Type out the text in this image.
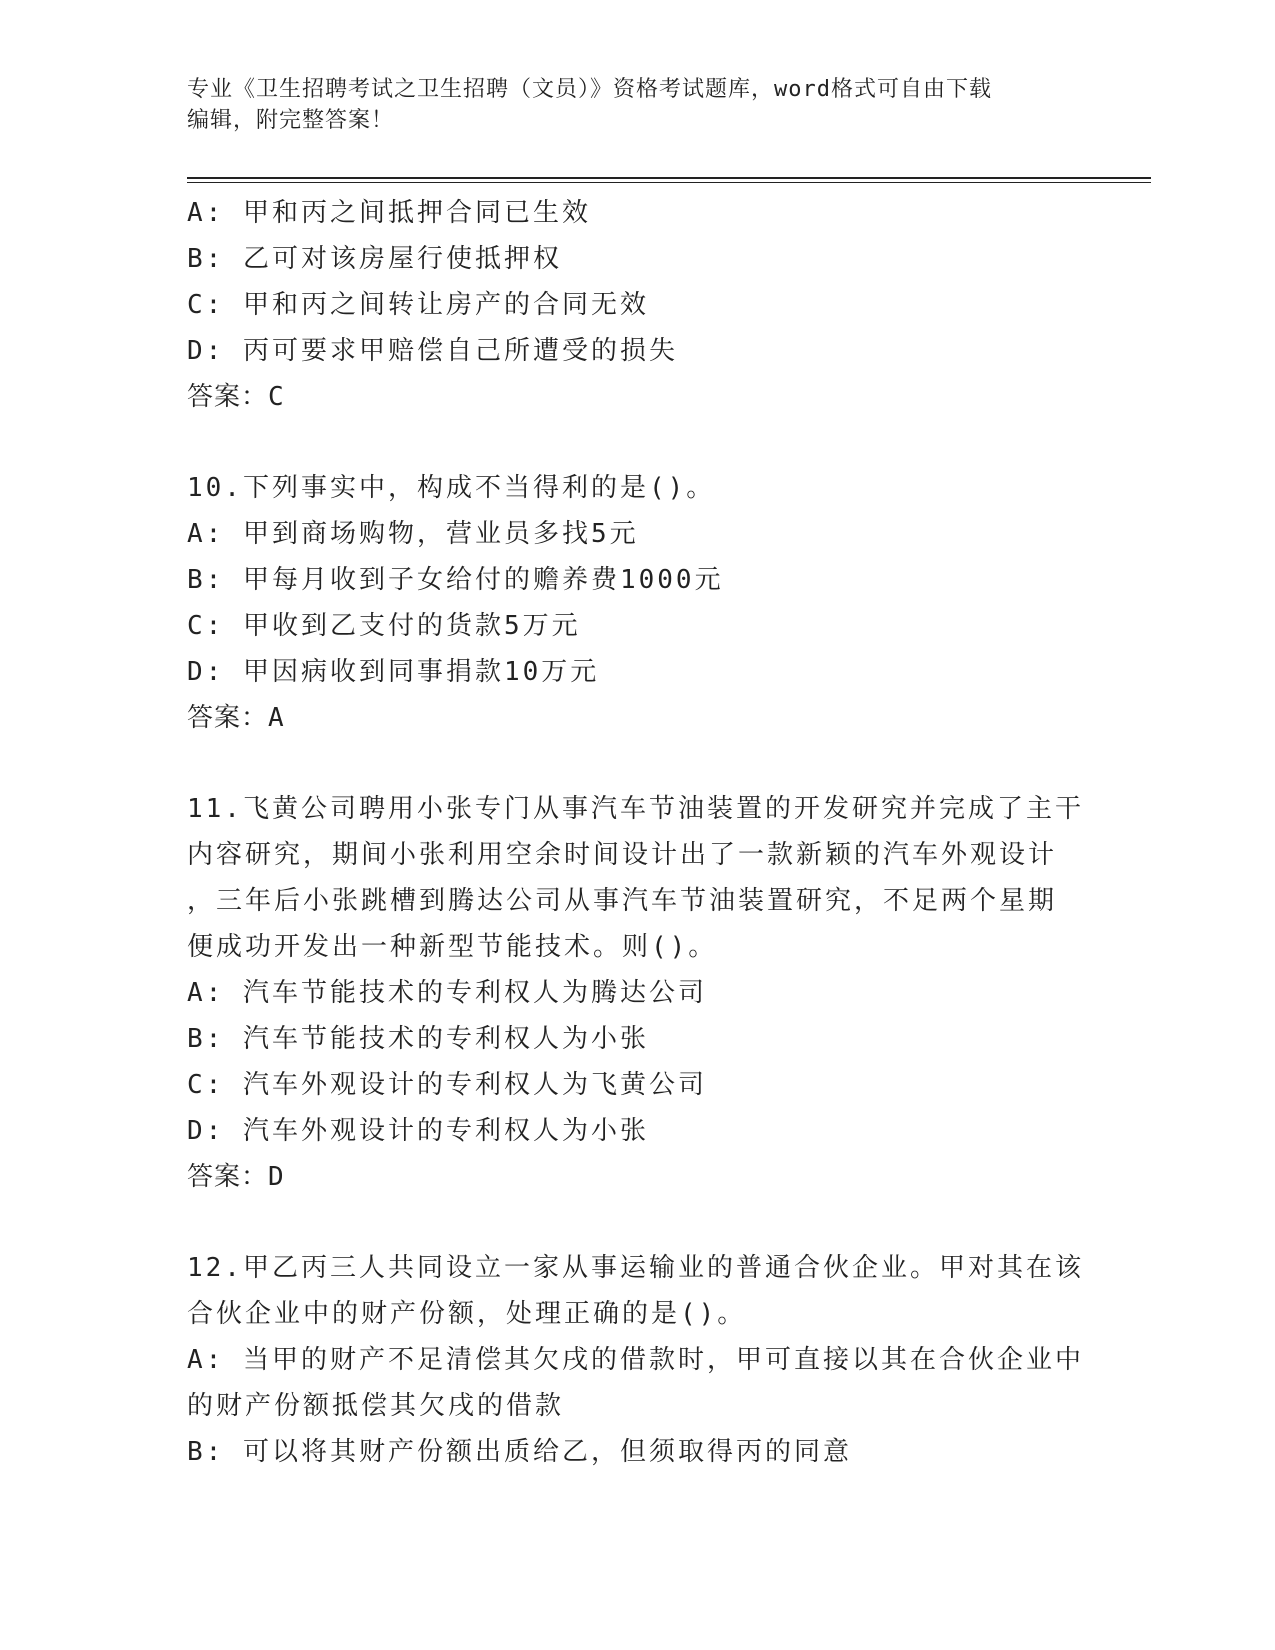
专业《卫生招聘考试之卫生招聘（文员）》资格考试题库，word格式可自由下载
编辑，附完整答案！
A: 甲和丙之间抵押合同已生效
B: 乙可对该房屋行使抵押权
C: 甲和丙之间转让房产的合同无效
D: 丙可要求甲赔偿自己所遭受的损失
答案：C
10.下列事实中，构成不当得利的是()。
A: 甲到商场购物，营业员多找5元
B: 甲每月收到子女给付的赡养费1000元
C: 甲收到乙支付的货款5万元
D: 甲因病收到同事捐款10万元
答案：A
11.飞黄公司聘用小张专门从事汽车节油装置的开发研究并完成了主干
内容研究，期间小张利用空余时间设计出了一款新颖的汽车外观设计
，三年后小张跳槽到腾达公司从事汽车节油装置研究，不足两个星期
便成功开发出一种新型节能技术。则()。
A: 汽车节能技术的专利权人为腾达公司
B: 汽车节能技术的专利权人为小张
C: 汽车外观设计的专利权人为飞黄公司
D: 汽车外观设计的专利权人为小张
答案：D
12.甲乙丙三人共同设立一家从事运输业的普通合伙企业。甲对其在该
合伙企业中的财产份额，处理正确的是()。
A: 当甲的财产不足清偿其欠戌的借款时，甲可直接以其在合伙企业中
的财产份额抵偿其欠戌的借款
B: 可以将其财产份额出质给乙，但须取得丙的同意
